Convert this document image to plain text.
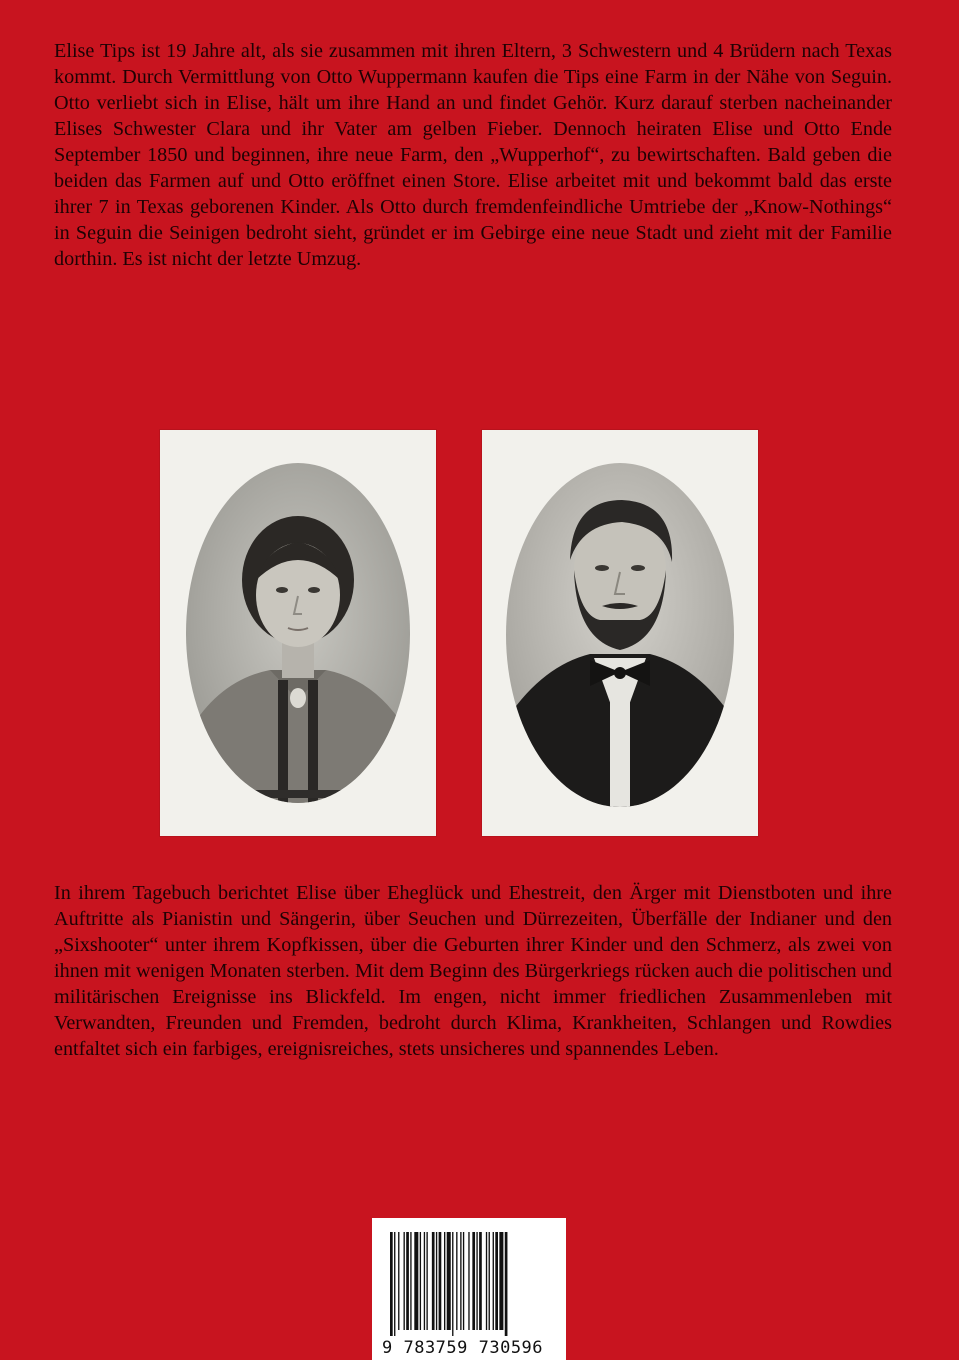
Elise Tips ist 19 Jahre alt, als sie zusammen mit ihren Eltern, 3 Schwestern und 4 Brüdern nach Texas kommt. Durch Vermittlung von Otto Wuppermann kaufen die Tips eine Farm in der Nähe von Seguin. Otto verliebt sich in Elise, hält um ihre Hand an und findet Gehör. Kurz darauf sterben nacheinander Elises Schwester Clara und ihr Vater am gelben Fieber. Dennoch heiraten Elise und Otto Ende September 1850 und beginnen, ihre neue Farm, den „Wupperhof“, zu bewirtschaften. Bald geben die beiden das Farmen auf und Otto eröffnet einen Store. Elise arbeitet mit und bekommt bald das erste ihrer 7 in Texas geborenen Kinder. Als Otto durch fremdenfeindliche Umtriebe der „Know-Nothings“ in Seguin die Seinigen bedroht sieht, gründet er im Gebirge eine neue Stadt und zieht mit der Familie dorthin. Es ist nicht der letzte Umzug.

In ihrem Tagebuch berichtet Elise über Eheglück und Ehestreit, den Ärger mit Dienstboten und ihre Auftritte als Pianistin und Sängerin, über Seuchen und Dürrezeiten, Überfälle der Indianer und den „Sixshooter“ unter ihrem Kopfkissen, über die Geburten ihrer Kinder und den Schmerz, als zwei von ihnen mit wenigen Monaten sterben. Mit dem Beginn des Bürgerkriegs rücken auch die politischen und militärischen Ereignisse ins Blickfeld. Im engen, nicht immer friedlichen Zusammenleben mit Verwandten, Freunden und Fremden, bedroht durch Klima, Krankheiten, Schlangen und Rowdies entfaltet sich ein farbiges, ereignisreiches, stets unsicheres und spannendes Leben.

9 783759 730596
